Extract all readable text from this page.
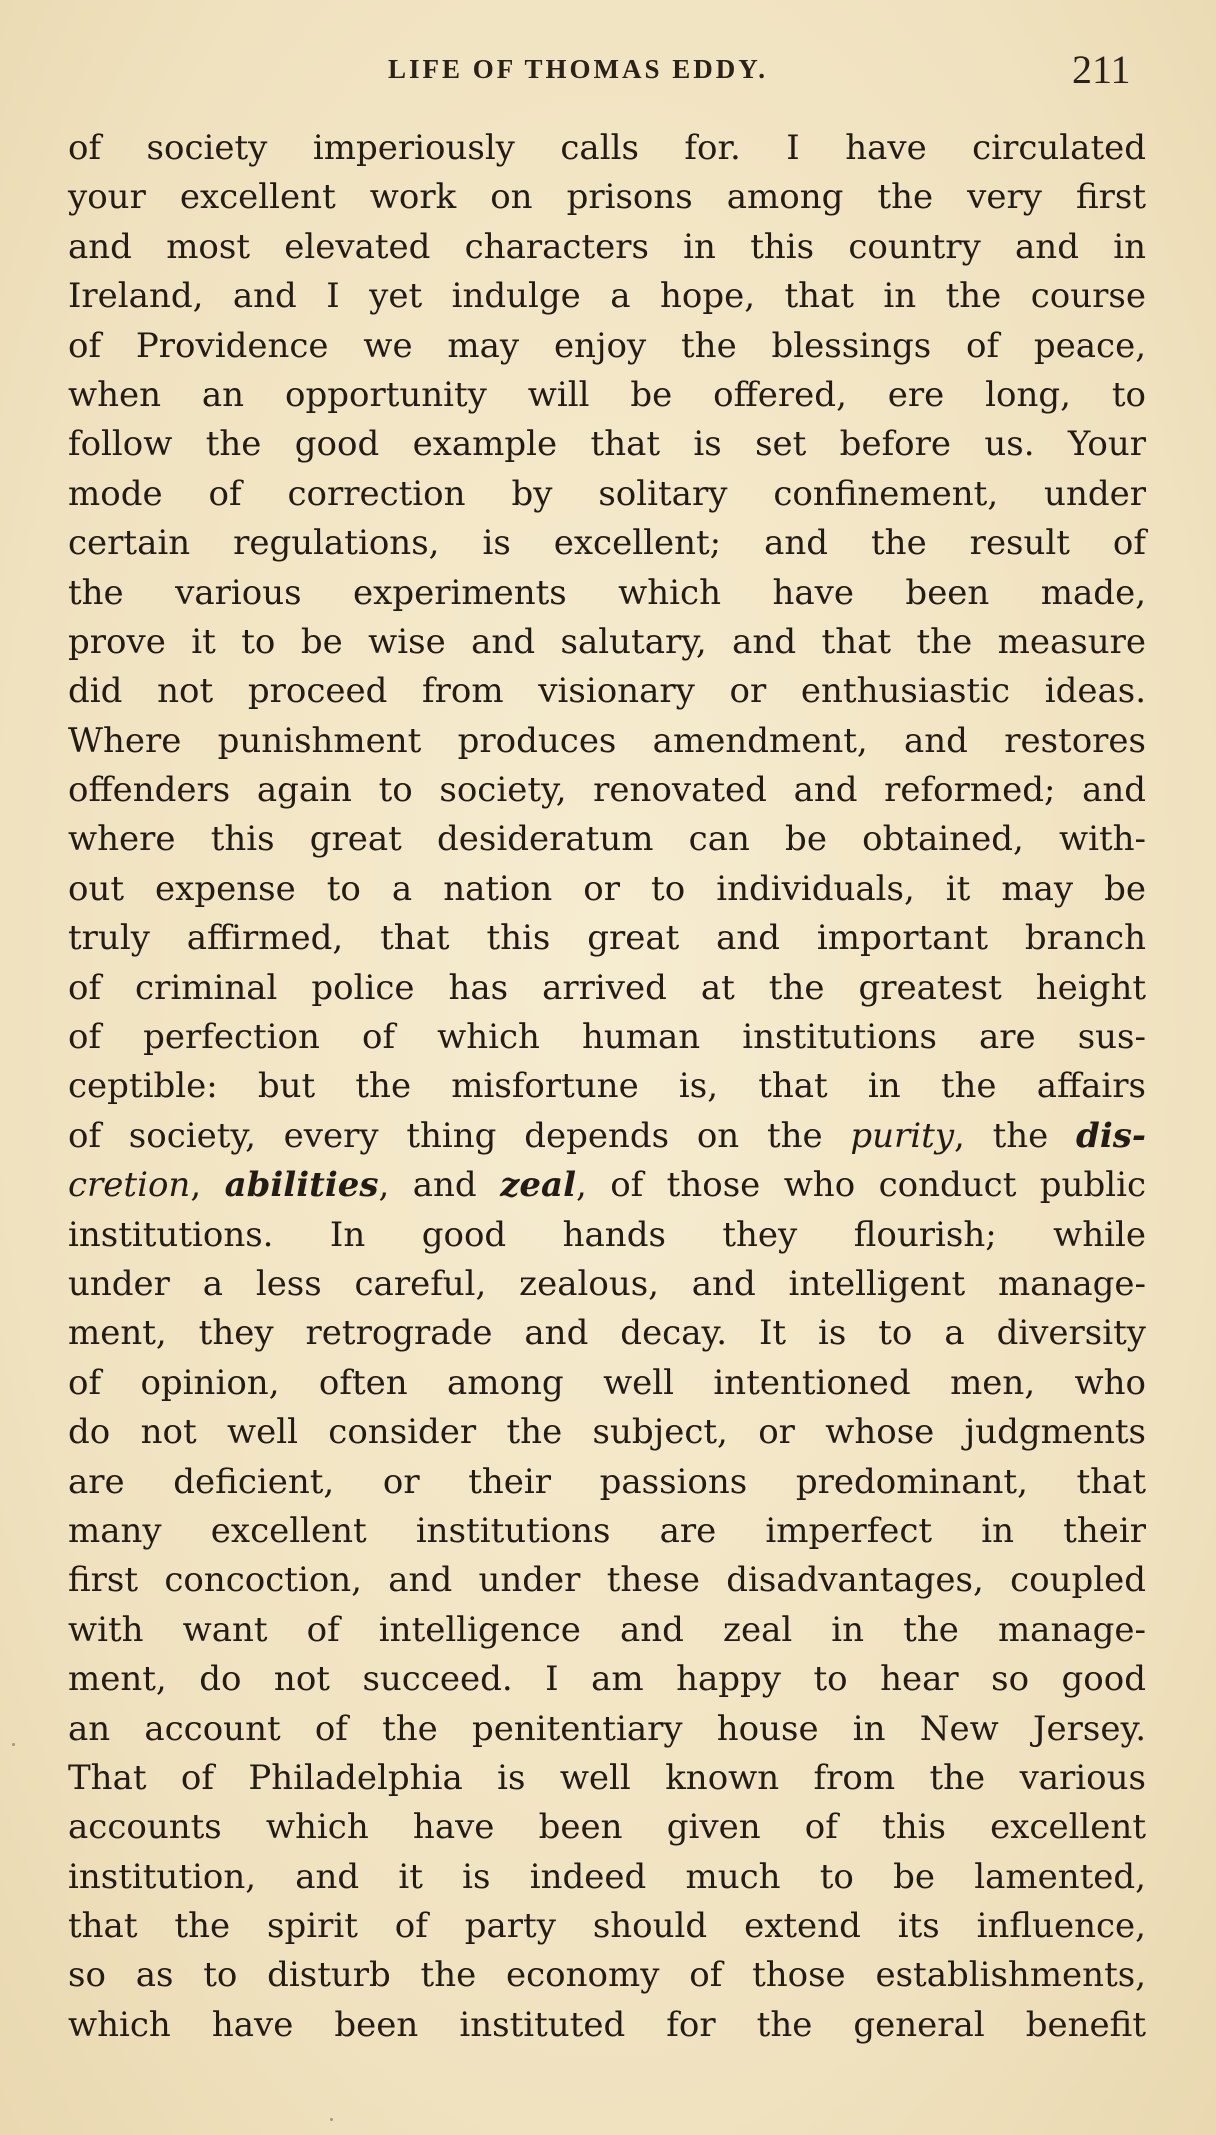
LIFE OF THOMAS EDDY.	211
of society imperiously calls for. I have circulated
your excellent work on prisons among the very first
and most elevated characters in this country and in
Ireland, and I yet indulge a hope, that in the course
of Providence we may enjoy the blessings of peace,
when an opportunity will be offered, ere long, to
follow the good example that is set before us. Your
mode of correction by solitary confinement, under
certain regulations, is excellent; and the result of
the various experiments which have been made,
prove it to be wise and salutary, and that the measure
did not proceed from visionary or enthusiastic ideas.
Where punishment produces amendment, and restores
offenders again to society, renovated and reformed; and
where this great desideratum can be obtained, with-
out expense to a nation or to individuals, it may be
truly affirmed, that this great and important branch
of criminal police has arrived at the greatest height
of perfection of which human institutions are sus-
ceptible: but the misfortune is, that in the affairs
of society, every thing depends on the purity, the dis-
cretion, abilities, and zeal, of those who conduct public
institutions. In good hands they flourish; while
under a less careful, zealous, and intelligent manage-
ment, they retrograde and decay. It is to a diversity
of opinion, often among well intentioned men, who
do not well consider the subject, or whose judgments
are deficient, or their passions predominant, that
many excellent institutions are imperfect in their
first concoction, and under these disadvantages, coupled
with want of intelligence and zeal in the manage-
ment, do not succeed. I am happy to hear so good
an account of the penitentiary house in New Jersey.
That of Philadelphia is well known from the various
accounts which have been given of this excellent
institution, and it is indeed much to be lamented,
that the spirit of party should extend its influence,
so as to disturb the economy of those establishments,
which have been instituted for the general benefit
